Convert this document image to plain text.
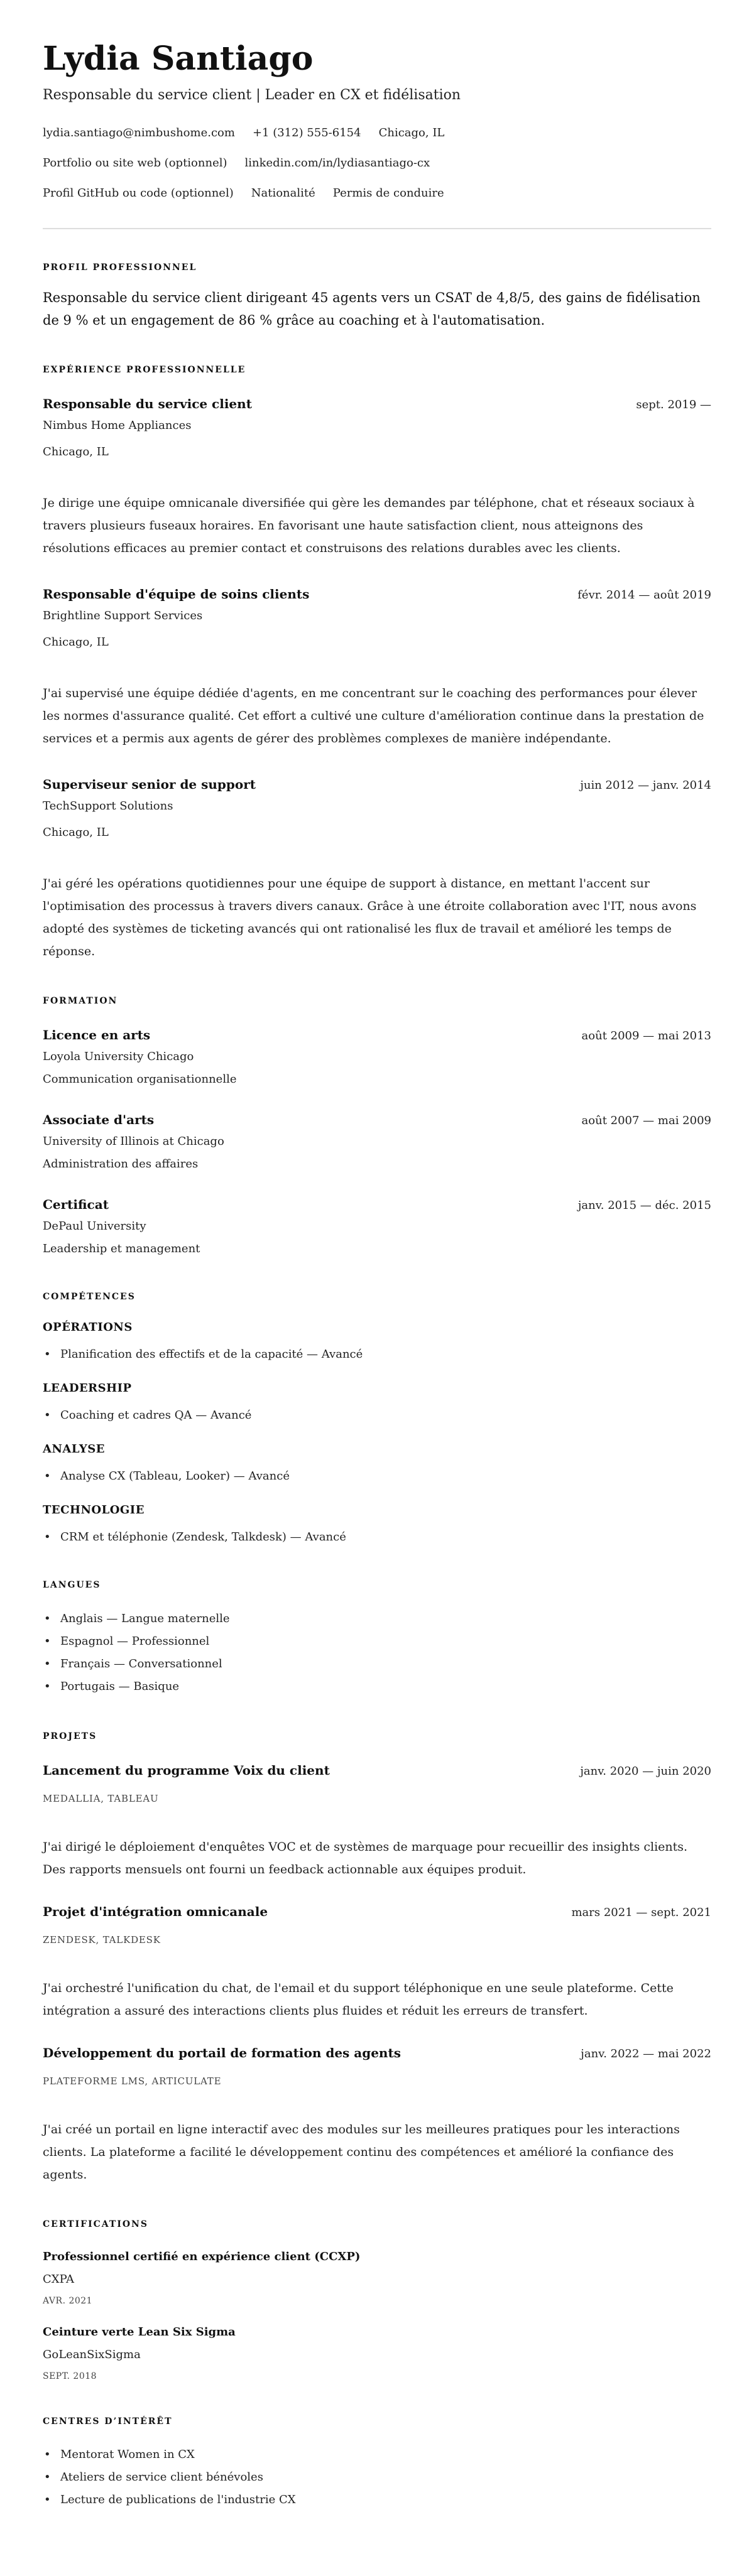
Lydia Santiago
Responsable du service client | Leader en CX et fidélisation
lydia.santiago@nimbushome.com +1 (312) 555-6154 Chicago, IL
Portfolio ou site web (optionnel) linkedin.com/in/lydiasantiago-cx
Profil GitHub ou code (optionnel) Nationalité Permis de conduire
PROFIL PROFESSIONNEL

Responsable du service client dirigeant 45 agents vers un CSAT de 4,8/5, des gains de fidélisation de 9 % et un engagement de 86 % grâce au coaching et à l'automatisation.

EXPÉRIENCE PROFESSIONNELLE
Responsable du service client	sept. 2019 —
Nimbus Home Appliances
Chicago, IL

Je dirige une équipe omnicanale diversifiée qui gère les demandes par téléphone, chat et réseaux sociaux à travers plusieurs fuseaux horaires. En favorisant une haute satisfaction client, nous atteignons des résolutions efficaces au premier contact et construisons des relations durables avec les clients.

Responsable d'équipe de soins clients	févr. 2014 — août 2019
Brightline Support Services
Chicago, IL

J'ai supervisé une équipe dédiée d'agents, en me concentrant sur le coaching des performances pour élever les normes d'assurance qualité. Cet effort a cultivé une culture d'amélioration continue dans la prestation de services et a permis aux agents de gérer des problèmes complexes de manière indépendante.

Superviseur senior de support	juin 2012 — janv. 2014
TechSupport Solutions
Chicago, IL

J'ai géré les opérations quotidiennes pour une équipe de support à distance, en mettant l'accent sur l'optimisation des processus à travers divers canaux. Grâce à une étroite collaboration avec l'IT, nous avons adopté des systèmes de ticketing avancés qui ont rationalisé les flux de travail et amélioré les temps de réponse.

FORMATION
Licence en arts	août 2009 — mai 2013
Loyola University Chicago
Communication organisationnelle
Associate d'arts	août 2007 — mai 2009
University of Illinois at Chicago
Administration des affaires
Certificat	janv. 2015 — déc. 2015
DePaul University
Leadership et management
COMPÉTENCES
OPÉRATIONS
• Planification des effectifs et de la capacité — Avancé
LEADERSHIP
• Coaching et cadres QA — Avancé
ANALYSE
• Analyse CX (Tableau, Looker) — Avancé
TECHNOLOGIE
• CRM et téléphonie (Zendesk, Talkdesk) — Avancé
LANGUES
• Anglais — Langue maternelle
• Espagnol — Professionnel
• Français — Conversationnel
• Portugais — Basique
PROJETS
Lancement du programme Voix du client	janv. 2020 — juin 2020
MEDALLIA, TABLEAU

J'ai dirigé le déploiement d'enquêtes VOC et de systèmes de marquage pour recueillir des insights clients. Des rapports mensuels ont fourni un feedback actionnable aux équipes produit.

Projet d'intégration omnicanale	mars 2021 — sept. 2021
ZENDESK, TALKDESK

J'ai orchestré l'unification du chat, de l'email et du support téléphonique en une seule plateforme. Cette intégration a assuré des interactions clients plus fluides et réduit les erreurs de transfert.

Développement du portail de formation des agents	janv. 2022 — mai 2022
PLATEFORME LMS, ARTICULATE

J'ai créé un portail en ligne interactif avec des modules sur les meilleures pratiques pour les interactions clients. La plateforme a facilité le développement continu des compétences et amélioré la confiance des agents.

CERTIFICATIONS
Professionnel certifié en expérience client (CCXP)
CXPA
AVR. 2021
Ceinture verte Lean Six Sigma
GoLeanSixSigma
SEPT. 2018
CENTRES D’INTÉRÊT
• Mentorat Women in CX
• Ateliers de service client bénévoles
• Lecture de publications de l'industrie CX
